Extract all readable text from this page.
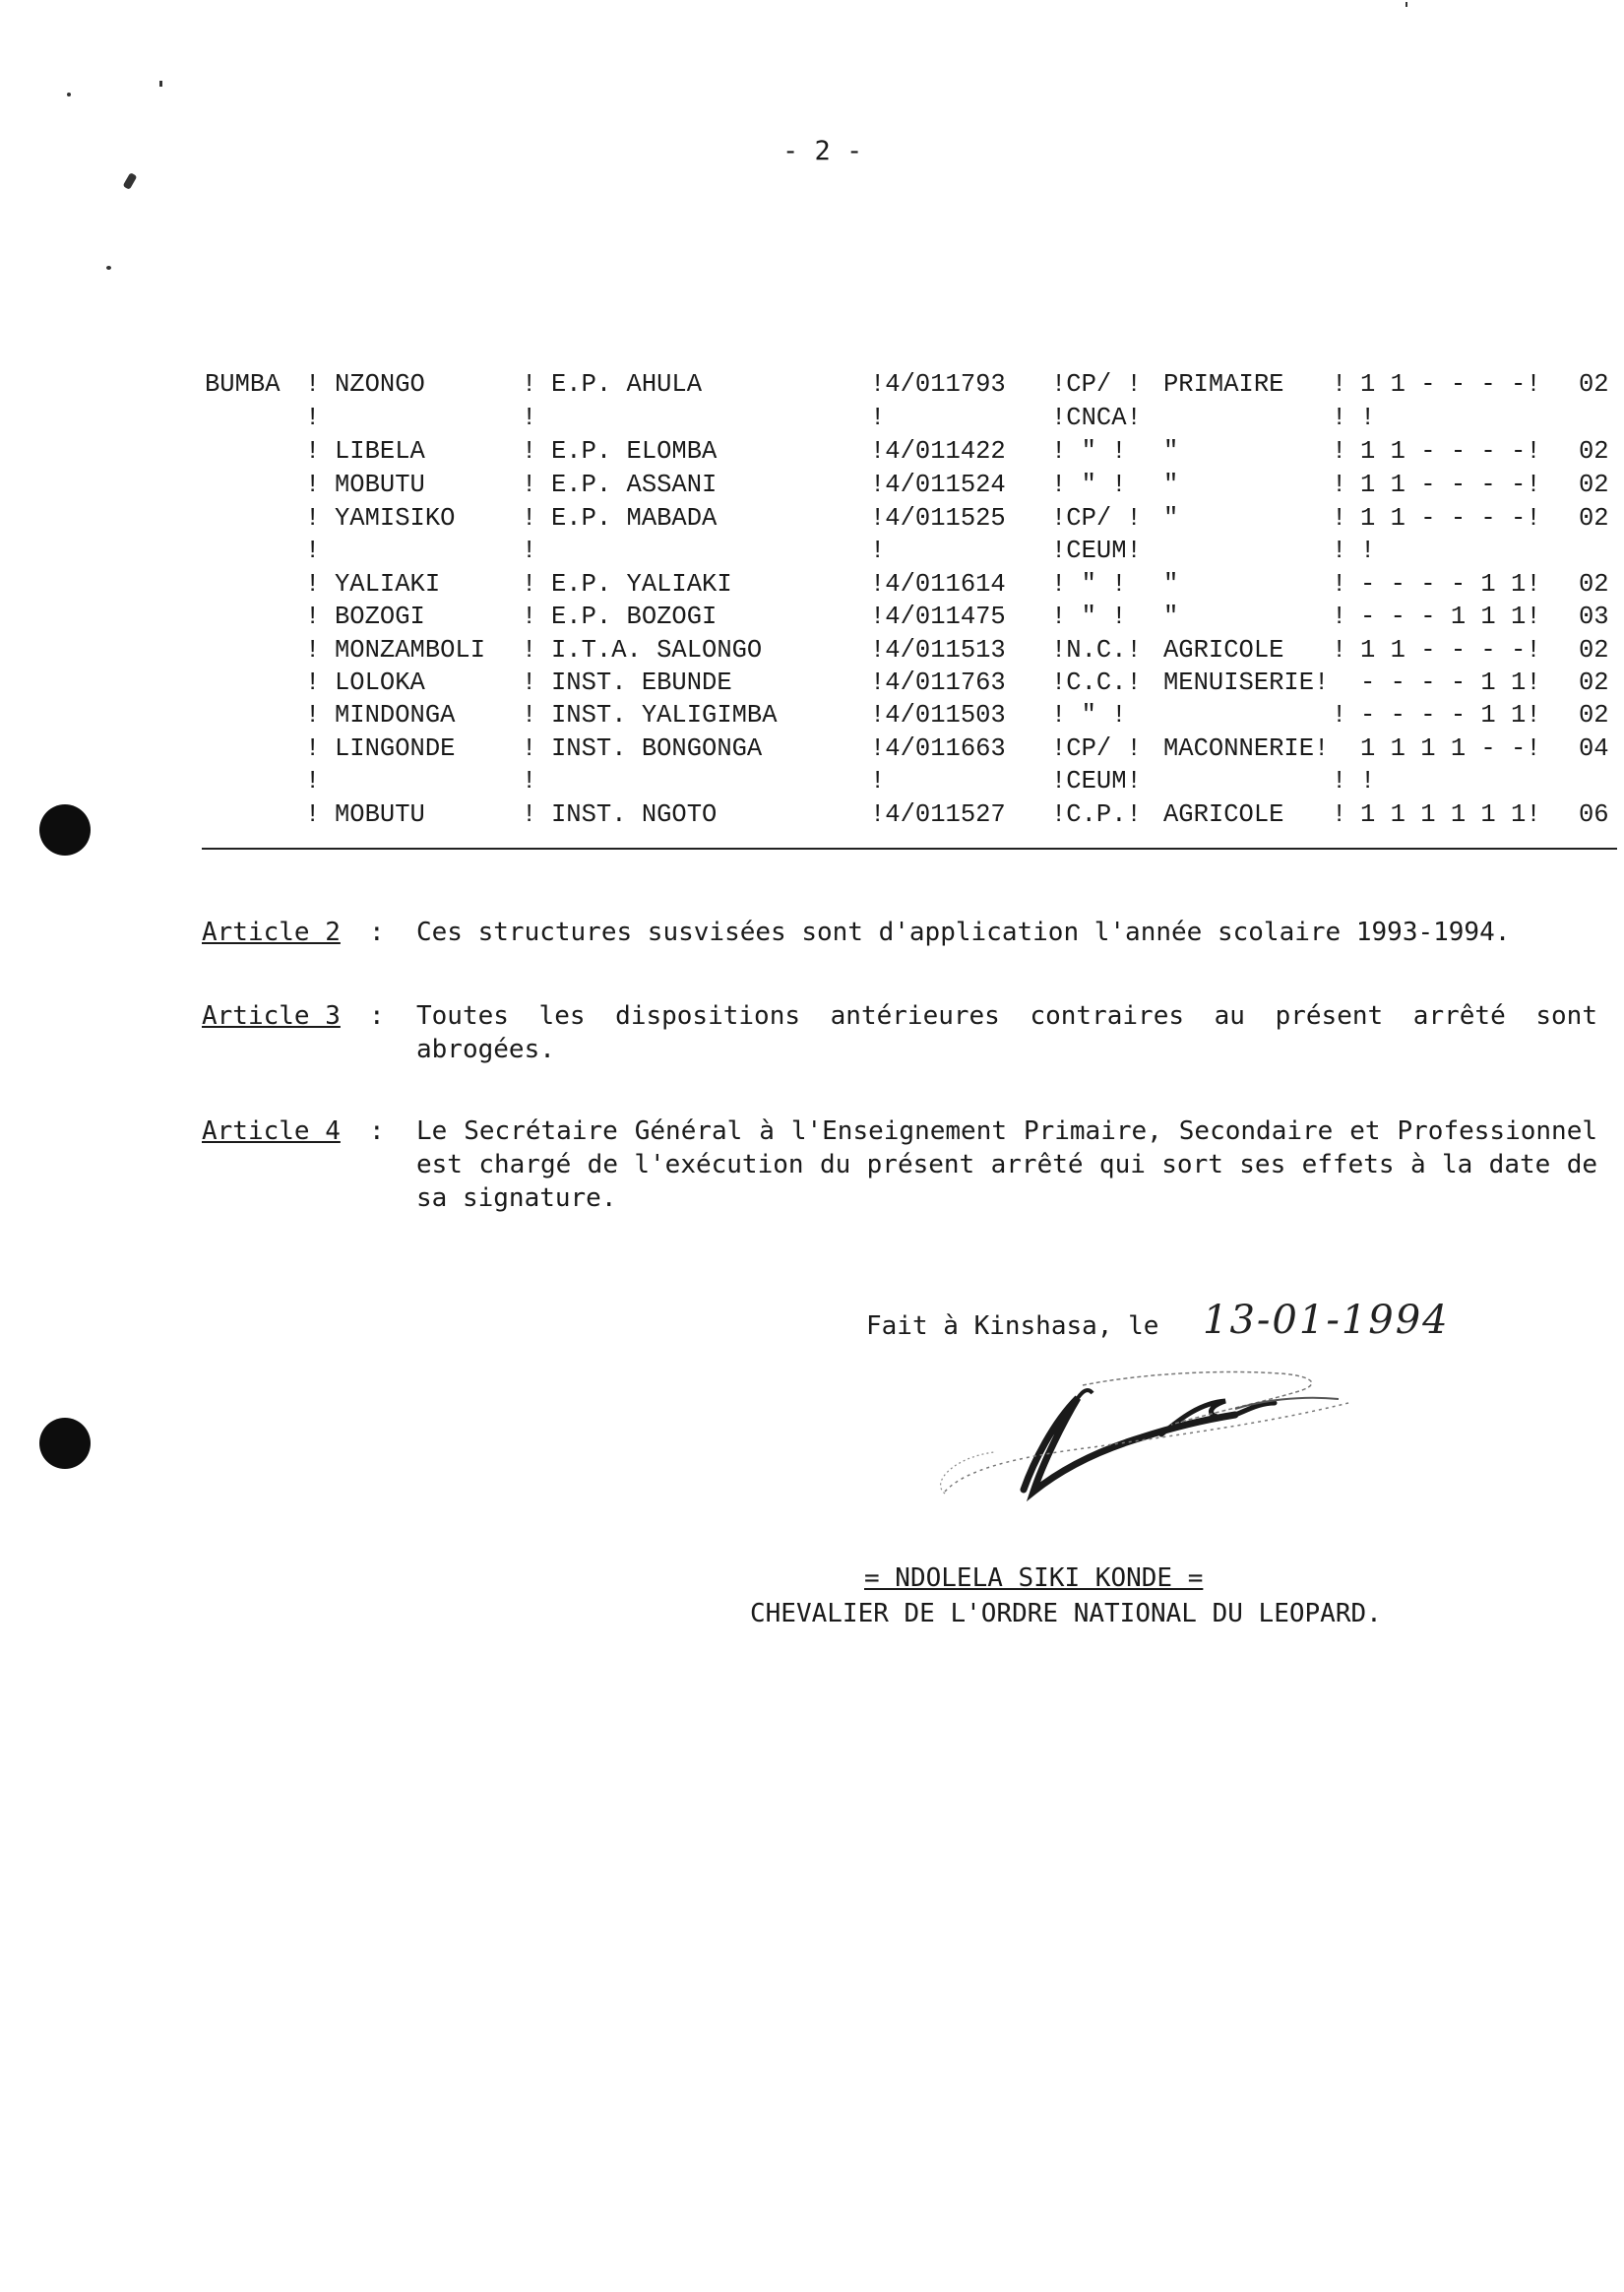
- 2 -
BUMBA ! NZONGO	! E.P. AHULA	!4/011793 !CP/ ! PRIMAIRE ! 1 1 - - - -! 02
!	!	!	!CNCA!	! !
! LIBELA	! E.P. ELOMBA	!4/011422 ! " ! "	! 1 1 - - - -! 02
! MOBUTU	! E.P. ASSANI	!4/011524 ! " ! "	! 1 1 - - - -! 02
! YAMISIKO	! E.P. MABADA	!4/011525 !CP/ ! "	! 1 1 - - - -! 02
!	!	!	!CEUM!	! !
! YALIAKI	! E.P. YALIAKI	!4/011614 ! " ! "	! - - - - 1 1! 02
! BOZOGI	! E.P. BOZOGI	!4/011475 ! " ! "	! - - - 1 1 1! 03
! MONZAMBOLI ! I.T.A. SALONGO	!4/011513 !N.C.! AGRICOLE ! 1 1 - - - -! 02
! LOLOKA	! INST. EBUNDE	!4/011763 !C.C.! MENUISERIE! - - - - 1 1! 02
! MINDONGA	! INST. YALIGIMBA	!4/011503 ! " !	! - - - - 1 1! 02
! LINGONDE	! INST. BONGONGA	!4/011663 !CP/ ! MACONNERIE! 1 1 1 1 - -! 04
!	!	!	!CEUM!	! !
! MOBUTU	! INST. NGOTO	!4/011527 !C.P.! AGRICOLE ! 1 1 1 1 1 1! 06
Article 2 : Ces structures susvisées sont d'application l'année scolaire 1993-1994.
Article 3 : Toutes les dispositions antérieures contraires au présent arrêté sont abrogées.
Article 4 : Le Secrétaire Général à l'Enseignement Primaire, Secondaire et Professionnel est chargé de l'exécution du présent arrêté qui sort ses effets à la date de sa signature.
Fait à Kinshasa, le 13-01-1994
= NDOLELA SIKI KONDE =
CHEVALIER DE L'ORDRE NATIONAL DU LEOPARD.
